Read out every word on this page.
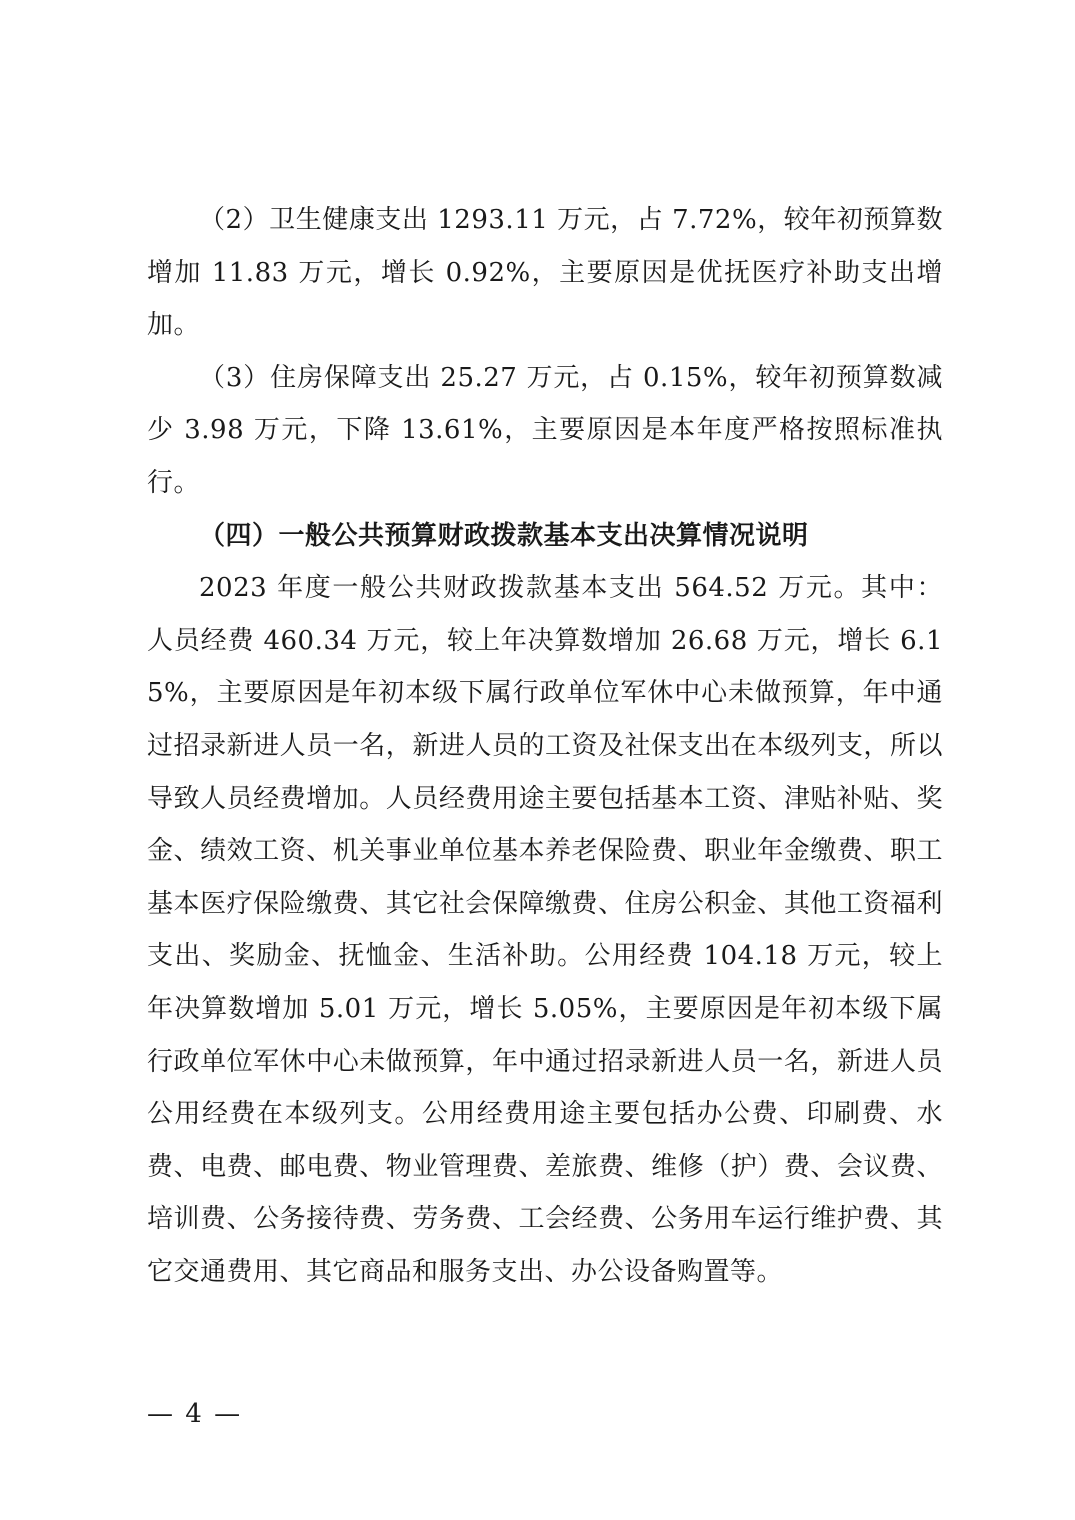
（2）卫生健康支出 1293.11 万元，占 7.72%，较年初预算数增加 11.83 万元，增长 0.92%，主要原因是优抚医疗补助支出增加。

（3）住房保障支出 25.27 万元，占 0.15%，较年初预算数减少 3.98 万元，下降 13.61%，主要原因是本年度严格按照标准执行。

（四）一般公共预算财政拨款基本支出决算情况说明

2023 年度一般公共财政拨款基本支出 564.52 万元。其中：人员经费 460.34 万元，较上年决算数增加 26.68 万元，增长 6.15%，主要原因是年初本级下属行政单位军休中心未做预算，年中通过招录新进人员一名，新进人员的工资及社保支出在本级列支，所以导致人员经费增加。人员经费用途主要包括基本工资、津贴补贴、奖金、绩效工资、机关事业单位基本养老保险费、职业年金缴费、职工基本医疗保险缴费、其它社会保障缴费、住房公积金、其他工资福利支出、奖励金、抚恤金、生活补助。公用经费 104.18 万元，较上年决算数增加 5.01 万元，增长 5.05%，主要原因是年初本级下属行政单位军休中心未做预算，年中通过招录新进人员一名，新进人员公用经费在本级列支。公用经费用途主要包括办公费、印刷费、水费、电费、邮电费、物业管理费、差旅费、维修（护）费、会议费、培训费、公务接待费、劳务费、工会经费、公务用车运行维护费、其它交通费用、其它商品和服务支出、办公设备购置等。

— 4 —
